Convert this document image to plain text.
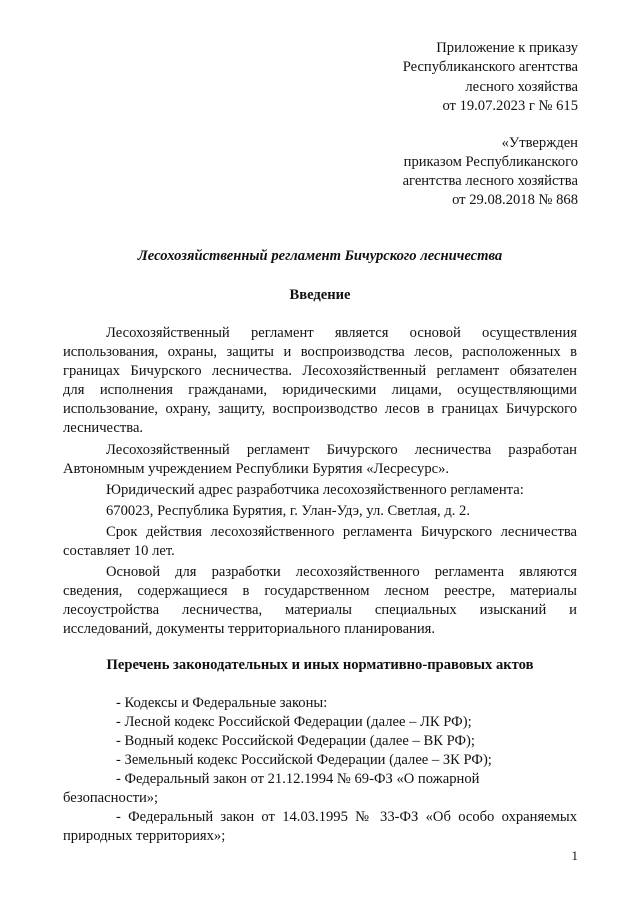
Приложение к приказу
Республиканского агентства
лесного хозяйства
от 19.07.2023 г № 615
«Утвержден
приказом Республиканского
агентства лесного хозяйства
от 29.08.2018 № 868
Лесохозяйственный регламент Бичурского лесничества
Введение
Лесохозяйственный регламент является основой осуществления
использования, охраны, защиты и воспроизводства лесов, расположенных в
границах Бичурского лесничества. Лесохозяйственный регламент обязателен
для исполнения гражданами, юридическими лицами, осуществляющими
использование, охрану, защиту, воспроизводство лесов в границах Бичурского
лесничества.
Лесохозяйственный регламент Бичурского лесничества разработан
Автономным учреждением Республики Бурятия «Лесресурс».
Юридический адрес разработчика лесохозяйственного регламента:
670023, Республика Бурятия, г. Улан-Удэ, ул. Светлая, д. 2.
Срок действия лесохозяйственного регламента Бичурского лесничества
составляет 10 лет.
Основой для разработки лесохозяйственного регламента являются
сведения, содержащиеся в государственном лесном реестре, материалы
лесоустройства лесничества, материалы специальных изысканий и
исследований, документы территориального планирования.
Перечень законодательных и иных нормативно-правовых актов
- Кодексы и Федеральные законы:
- Лесной кодекс Российской Федерации (далее – ЛК РФ);
- Водный кодекс Российской Федерации (далее – ВК РФ);
- Земельный кодекс Российской Федерации (далее – ЗК РФ);
- Федеральный закон от 21.12.1994 № 69-ФЗ «О пожарной
безопасности»;
- Федеральный закон от 14.03.1995 № 33-ФЗ «Об особо охраняемых
природных территориях»;
1
